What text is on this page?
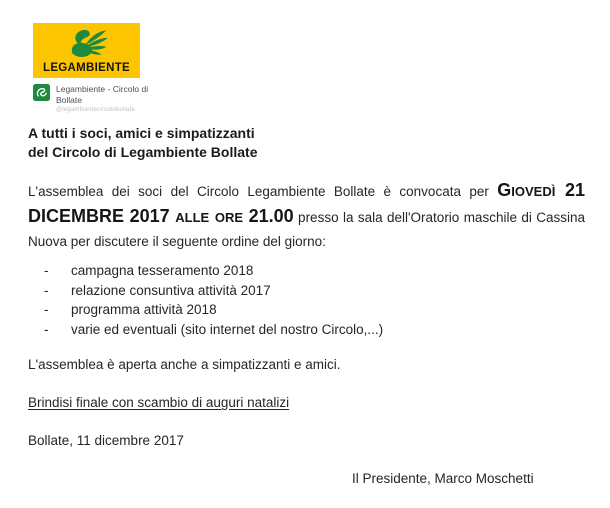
LEGAMBIENTE
Legambiente - Circolo di Bollate
@legambientecircolobollate
A tutti i soci, amici e simpatizzanti
del Circolo di Legambiente Bollate
L'assemblea dei soci del Circolo Legambiente Bollate è convocata per Giovedì 21
DICEMBRE 2017 alle ore 21.00 presso la sala dell'Oratorio maschile di Cassina
Nuova per discutere il seguente ordine del giorno:
-	campagna tesseramento 2018
-	relazione consuntiva attività 2017
-	programma attività 2018
-	varie ed eventuali (sito internet del nostro Circolo,...)
L'assemblea è aperta anche a simpatizzanti e amici.
Brindisi finale con scambio di auguri natalizi
Bollate, 11 dicembre 2017
Il Presidente, Marco Moschetti
